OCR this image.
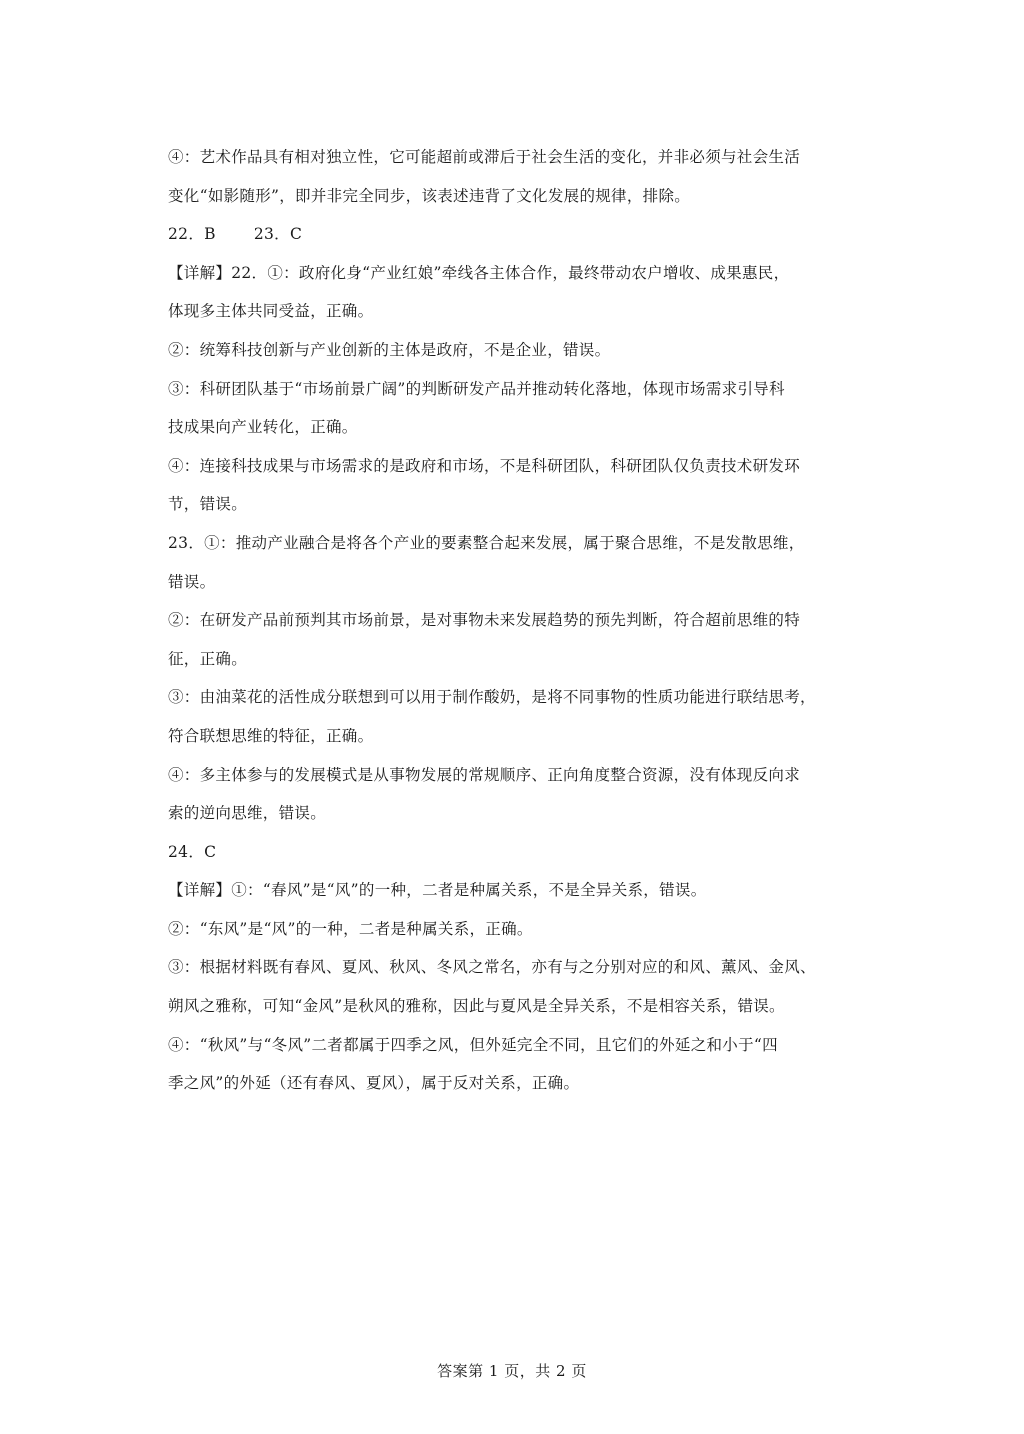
④：艺术作品具有相对独立性，它可能超前或滞后于社会生活的变化，并非必须与社会生活
变化“如影随形”，即并非完全同步，该表述违背了文化发展的规律，排除。
22．B 23．C
【详解】22．①：政府化身“产业红娘”牵线各主体合作，最终带动农户增收、成果惠民，
体现多主体共同受益，正确。
②：统筹科技创新与产业创新的主体是政府，不是企业，错误。
③：科研团队基于“市场前景广阔”的判断研发产品并推动转化落地，体现市场需求引导科
技成果向产业转化，正确。
④：连接科技成果与市场需求的是政府和市场，不是科研团队，科研团队仅负责技术研发环
节，错误。
23．①：推动产业融合是将各个产业的要素整合起来发展，属于聚合思维，不是发散思维，
错误。
②：在研发产品前预判其市场前景，是对事物未来发展趋势的预先判断，符合超前思维的特
征，正确。
③：由油菜花的活性成分联想到可以用于制作酸奶，是将不同事物的性质功能进行联结思考，
符合联想思维的特征，正确。
④：多主体参与的发展模式是从事物发展的常规顺序、正向角度整合资源，没有体现反向求
索的逆向思维，错误。
24．C
【详解】①：“春风”是“风”的一种，二者是种属关系，不是全异关系，错误。
②：“东风”是“风”的一种，二者是种属关系，正确。
③：根据材料既有春风、夏风、秋风、冬风之常名，亦有与之分别对应的和风、薰风、金风、
朔风之雅称，可知“金风”是秋风的雅称，因此与夏风是全异关系，不是相容关系，错误。
④：“秋风”与“冬风”二者都属于四季之风，但外延完全不同，且它们的外延之和小于“四
季之风”的外延（还有春风、夏风），属于反对关系，正确。
答案第 1 页，共 2 页
